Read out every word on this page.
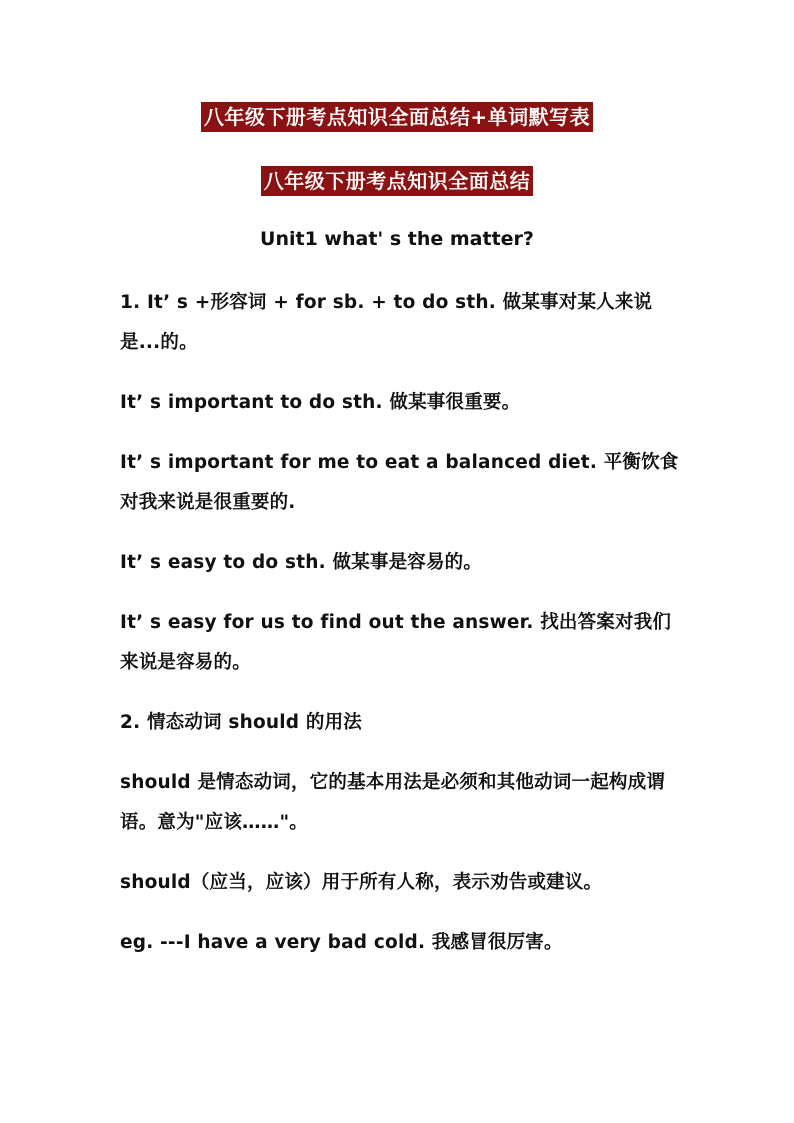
八年级下册考点知识全面总结+单词默写表
八年级下册考点知识全面总结
Unit1 what' s the matter?

1. It’ s +形容词 + for sb. + to do sth. 做某事对某人来说是...的。

It’ s important to do sth. 做某事很重要。

It’ s important for me to eat a balanced diet. 平衡饮食对我来说是很重要的.

It’ s easy to do sth. 做某事是容易的。

It’ s easy for us to find out the answer. 找出答案对我们来说是容易的。

2. 情态动词 should 的用法

should 是情态动词，它的基本用法是必须和其他动词一起构成谓语。意为"应该……"。

should（应当，应该）用于所有人称，表示劝告或建议。

eg. ---I have a very bad cold. 我感冒很厉害。
